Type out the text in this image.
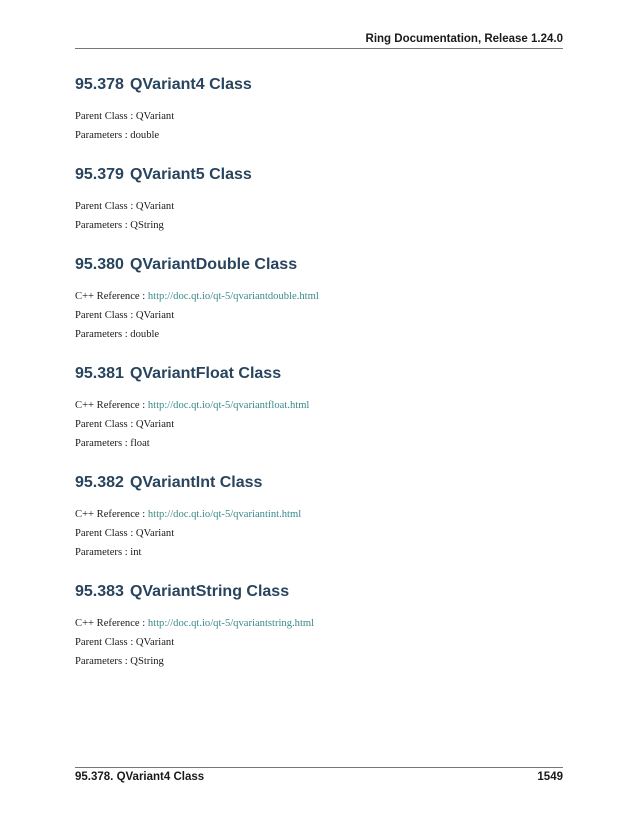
Ring Documentation, Release 1.24.0
95.378 QVariant4 Class
Parent Class : QVariant
Parameters : double
95.379 QVariant5 Class
Parent Class : QVariant
Parameters : QString
95.380 QVariantDouble Class
C++ Reference : http://doc.qt.io/qt-5/qvariantdouble.html
Parent Class : QVariant
Parameters : double
95.381 QVariantFloat Class
C++ Reference : http://doc.qt.io/qt-5/qvariantfloat.html
Parent Class : QVariant
Parameters : float
95.382 QVariantInt Class
C++ Reference : http://doc.qt.io/qt-5/qvariantint.html
Parent Class : QVariant
Parameters : int
95.383 QVariantString Class
C++ Reference : http://doc.qt.io/qt-5/qvariantstring.html
Parent Class : QVariant
Parameters : QString
95.378. QVariant4 Class	1549
